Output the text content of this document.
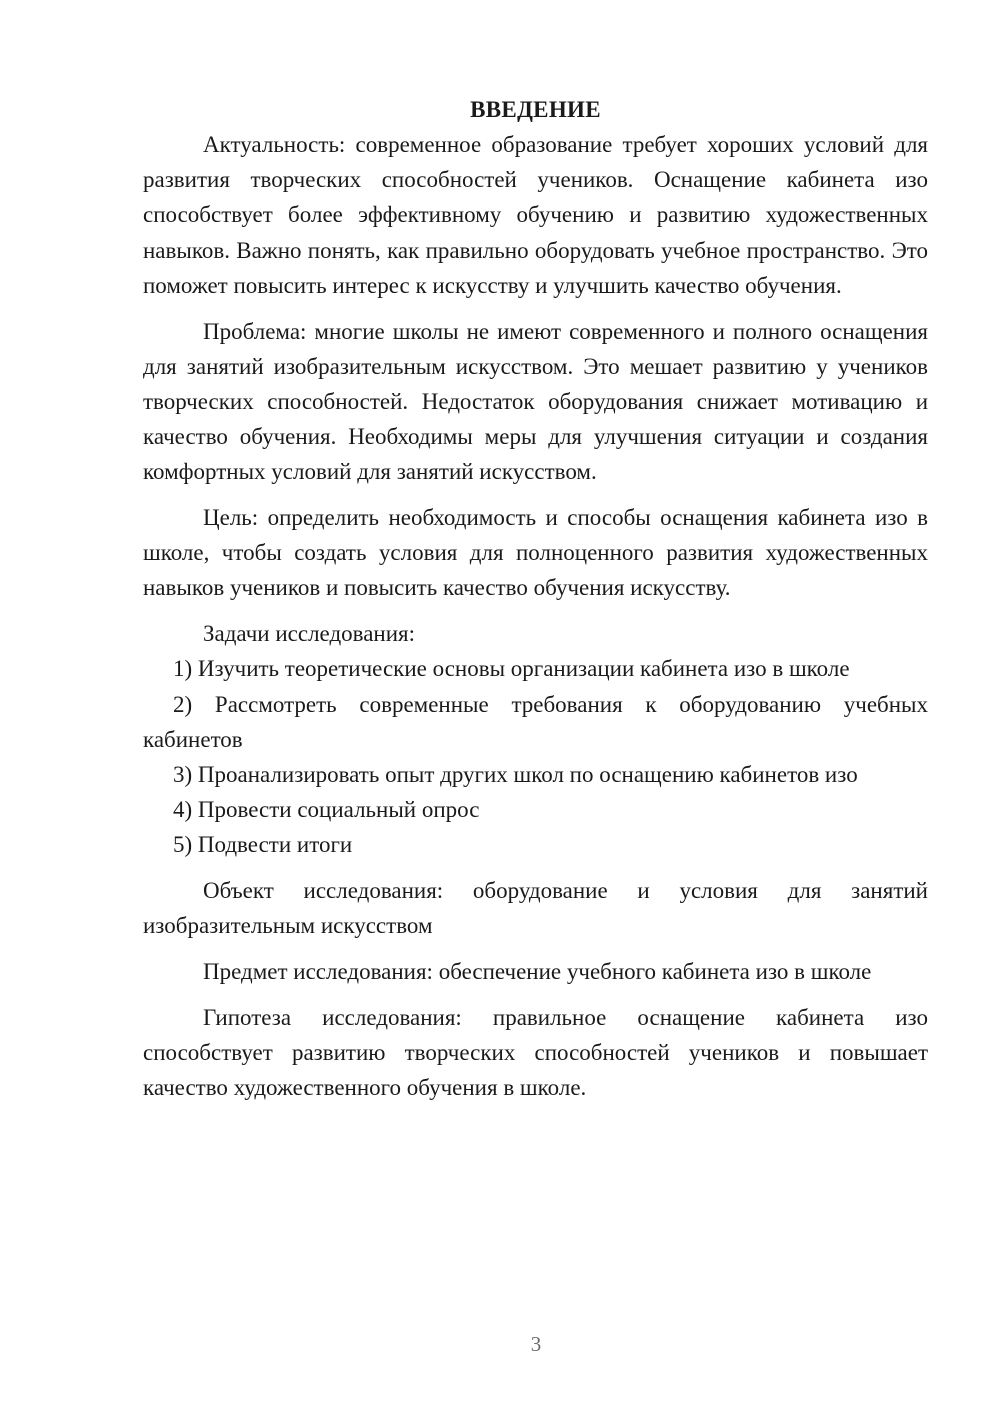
ВВЕДЕНИЕ

Актуальность: современное образование требует хороших условий для развития творческих способностей учеников. Оснащение кабинета изо способствует более эффективному обучению и развитию художественных навыков. Важно понять, как правильно оборудовать учебное пространство. Это поможет повысить интерес к искусству и улучшить качество обучения.

Проблема: многие школы не имеют современного и полного оснащения для занятий изобразительным искусством. Это мешает развитию у учеников творческих способностей. Недостаток оборудования снижает мотивацию и качество обучения. Необходимы меры для улучшения ситуации и создания комфортных условий для занятий искусством.

Цель: определить необходимость и способы оснащения кабинета изо в школе, чтобы создать условия для полноценного развития художественных навыков учеников и повысить качество обучения искусству.

Задачи исследования:

1) Изучить теоретические основы организации кабинета изо в школе

2) Рассмотреть современные требования к оборудованию учебных кабинетов

3) Проанализировать опыт других школ по оснащению кабинетов изо

4) Провести социальный опрос

5) Подвести итоги

Объект исследования: оборудование и условия для занятий изобразительным искусством

Предмет исследования: обеспечение учебного кабинета изо в школе

Гипотеза исследования: правильное оснащение кабинета изо способствует развитию творческих способностей учеников и повышает качество художественного обучения в школе.

3
